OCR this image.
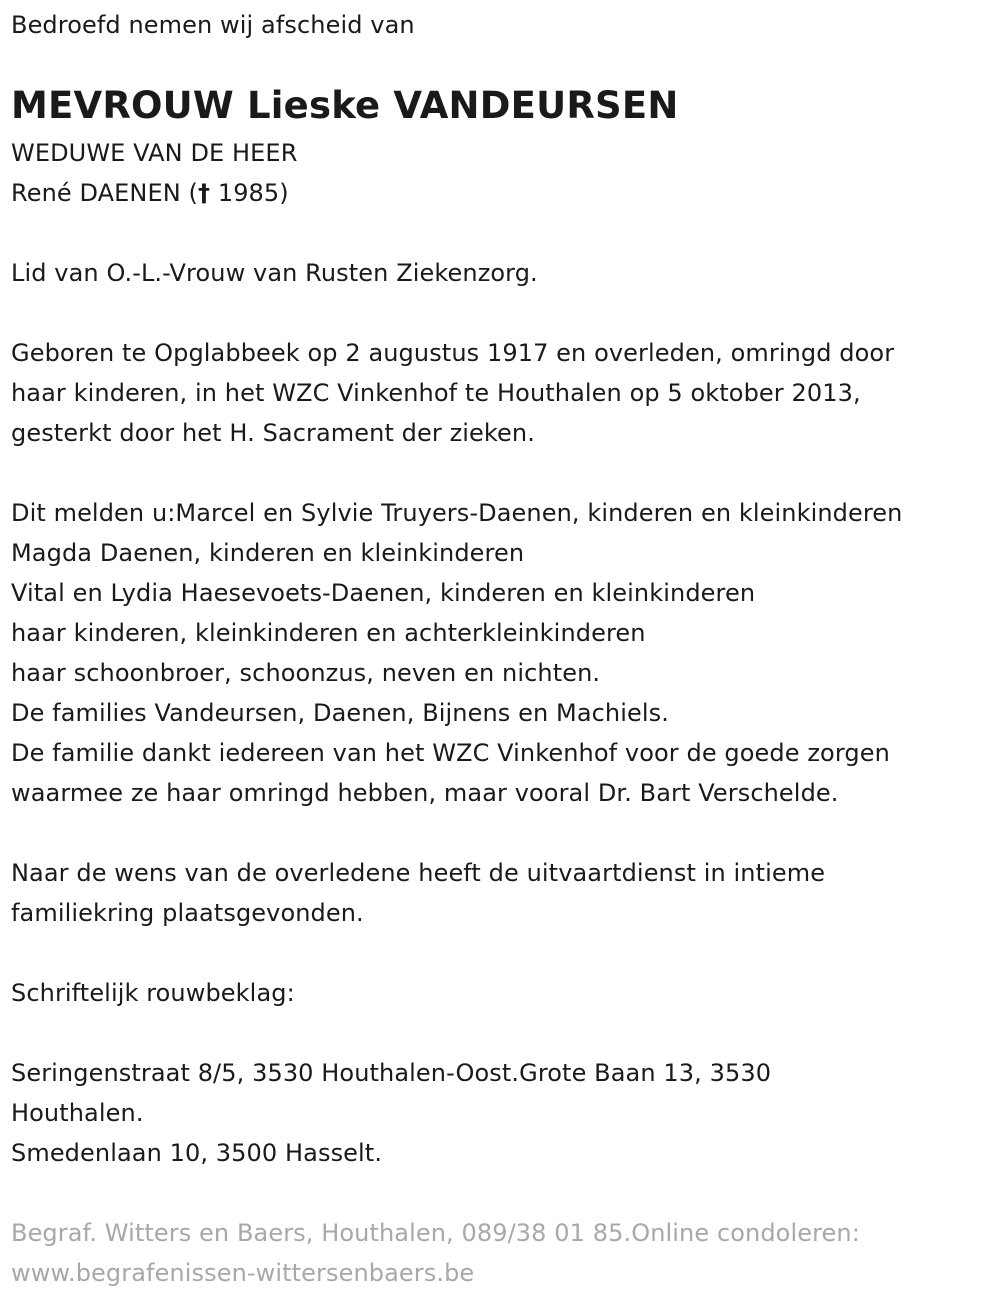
Bedroefd nemen wij afscheid van
MEVROUW Lieske VANDEURSEN
WEDUWE VAN DE HEER
René DAENEN († 1985)
Lid van O.-L.-Vrouw van Rusten Ziekenzorg.
Geboren te Opglabbeek op 2 augustus 1917 en overleden, omringd door
haar kinderen, in het WZC Vinkenhof te Houthalen op 5 oktober 2013,
gesterkt door het H. Sacrament der zieken.
Dit melden u:Marcel en Sylvie Truyers-Daenen, kinderen en kleinkinderen
Magda Daenen, kinderen en kleinkinderen
Vital en Lydia Haesevoets-Daenen, kinderen en kleinkinderen
haar kinderen, kleinkinderen en achterkleinkinderen
haar schoonbroer, schoonzus, neven en nichten.
De families Vandeursen, Daenen, Bijnens en Machiels.
De familie dankt iedereen van het WZC Vinkenhof voor de goede zorgen
waarmee ze haar omringd hebben, maar vooral Dr. Bart Verschelde.
Naar de wens van de overledene heeft de uitvaartdienst in intieme
familiekring plaatsgevonden.
Schriftelijk rouwbeklag:
Seringenstraat 8/5, 3530 Houthalen-Oost.Grote Baan 13, 3530
Houthalen.
Smedenlaan 10, 3500 Hasselt.
Begraf. Witters en Baers, Houthalen, 089/38 01 85.Online condoleren:
www.begrafenissen-wittersenbaers.be
